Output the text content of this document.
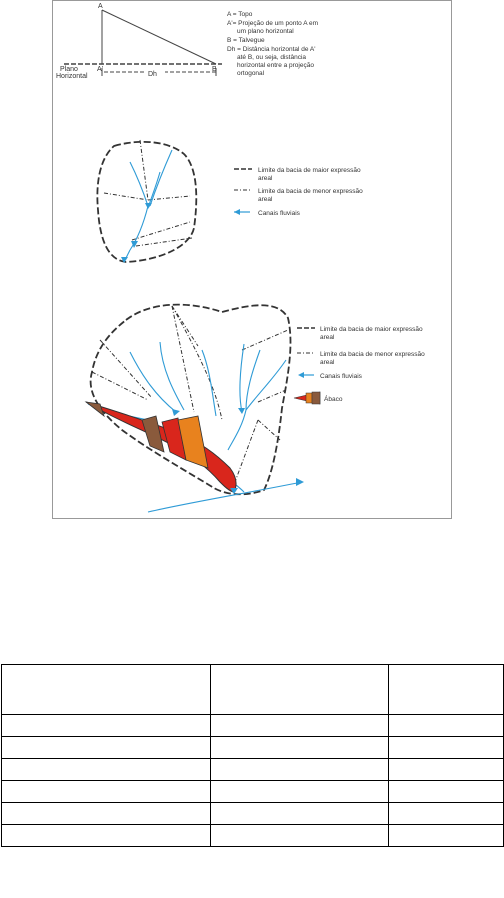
A
A'	B
Dh
Plano
Horizontal
A = Topo
A'= Projeção de um ponto A em
um plano horizontal
B = Talvegue
Dh = Distância horizontal de A'
até B, ou seja, distância
horizontal entre a projeção
ortogonal
Limite da bacia de maior expressão
areal
Limite da bacia de menor expressão
areal
Canais fluviais
Limite da bacia de maior expressão
areal
Limite da bacia de menor expressão
areal
Canais fluviais
Ábaco
